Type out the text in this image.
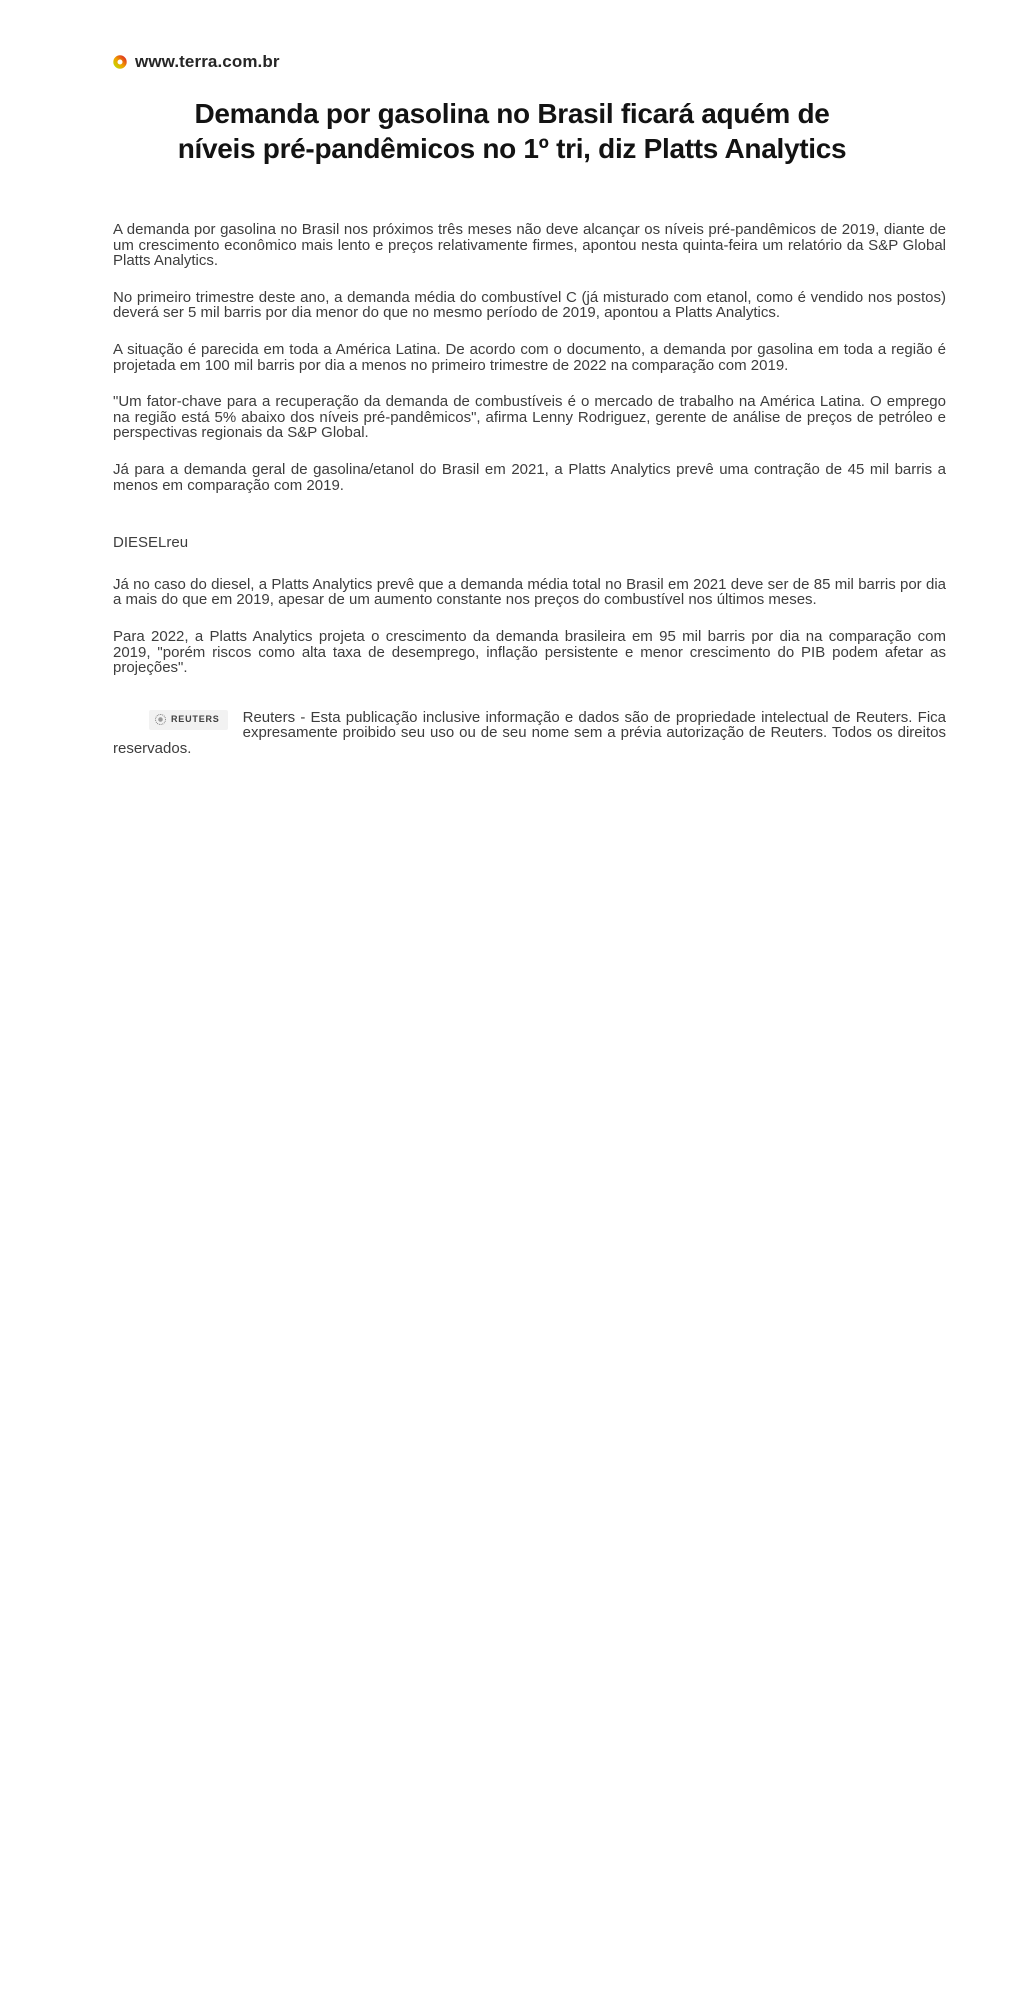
www.terra.com.br
Demanda por gasolina no Brasil ficará aquém de
níveis pré-pandêmicos no 1º tri, diz Platts Analytics

A demanda por gasolina no Brasil nos próximos três meses não deve alcançar os níveis pré-pandêmicos de 2019, diante de um crescimento econômico mais lento e preços relativamente firmes, apontou nesta quinta-feira um relatório da S&P Global Platts Analytics.

No primeiro trimestre deste ano, a demanda média do combustível C (já misturado com etanol, como é vendido nos postos) deverá ser 5 mil barris por dia menor do que no mesmo período de 2019, apontou a Platts Analytics.

A situação é parecida em toda a América Latina. De acordo com o documento, a demanda por gasolina em toda a região é projetada em 100 mil barris por dia a menos no primeiro trimestre de 2022 na comparação com 2019.

"Um fator-chave para a recuperação da demanda de combustíveis é o mercado de trabalho na América Latina. O emprego na região está 5% abaixo dos níveis pré-pandêmicos", afirma Lenny Rodriguez, gerente de análise de preços de petróleo e perspectivas regionais da S&P Global.

Já para a demanda geral de gasolina/etanol do Brasil em 2021, a Platts Analytics prevê uma contração de 45 mil barris a menos em comparação com 2019.

DIESELreu

Já no caso do diesel, a Platts Analytics prevê que a demanda média total no Brasil em 2021 deve ser de 85 mil barris por dia a mais do que em 2019, apesar de um aumento constante nos preços do combustível nos últimos meses.

Para 2022, a Platts Analytics projeta o crescimento da demanda brasileira em 95 mil barris por dia na comparação com 2019, "porém riscos como alta taxa de desemprego, inflação persistente e menor crescimento do PIB podem afetar as projeções".

REUTERS Reuters - Esta publicação inclusive informação e dados são de propriedade intelectual de Reuters. Fica expresamente proibido seu uso ou de seu nome sem a prévia autorização de Reuters. Todos os direitos reservados.
